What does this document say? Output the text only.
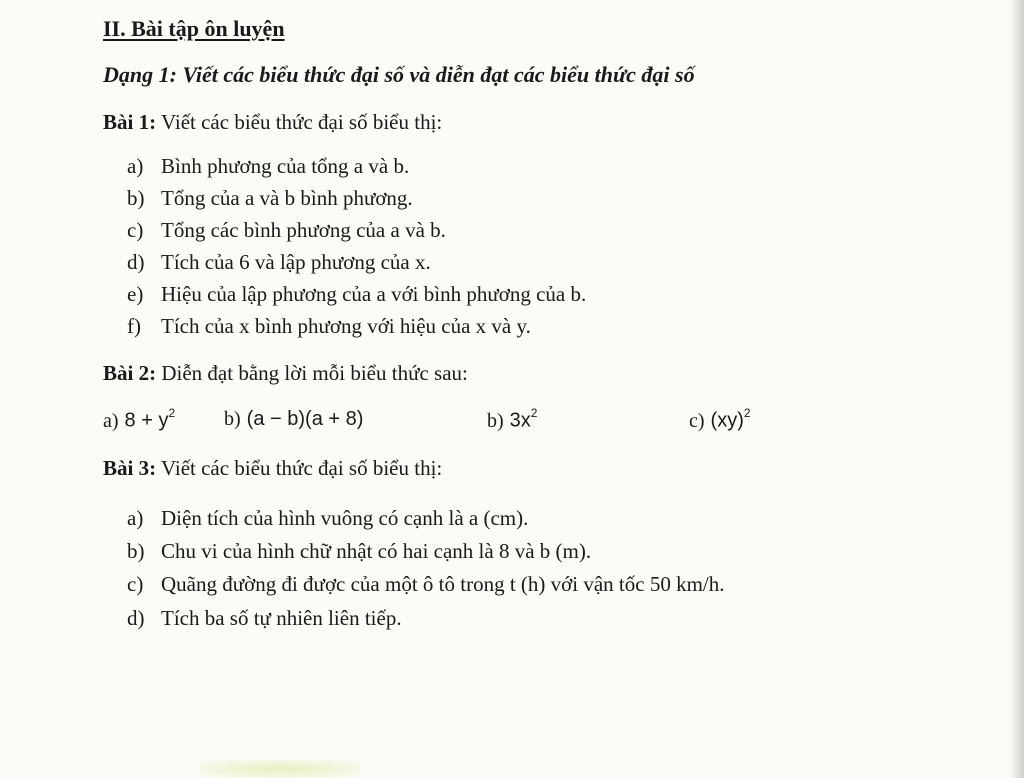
II. Bài tập ôn luyện
Dạng 1: Viết các biểu thức đại số và diễn đạt các biểu thức đại số
Bài 1: Viết các biểu thức đại số biểu thị:
a) Bình phương của tổng a và b.
b) Tổng của a và b bình phương.
c) Tổng các bình phương của a và b.
d) Tích của 6 và lập phương của x.
e) Hiệu của lập phương của a với bình phương của b.
f) Tích của x bình phương với hiệu của x và y.
Bài 2: Diễn đạt bằng lời mỗi biểu thức sau:
a) $8 + y^2$ b) (a − b)(a + 8)	b) $3x^2$	c) (xy)$^2$
Bài 3: Viết các biểu thức đại số biểu thị:
a) Diện tích của hình vuông có cạnh là a (cm).
b) Chu vi của hình chữ nhật có hai cạnh là 8 và b (m).
c) Quãng đường đi được của một ô tô trong t (h) với vận tốc 50 km/h.
d) Tích ba số tự nhiên liên tiếp.
